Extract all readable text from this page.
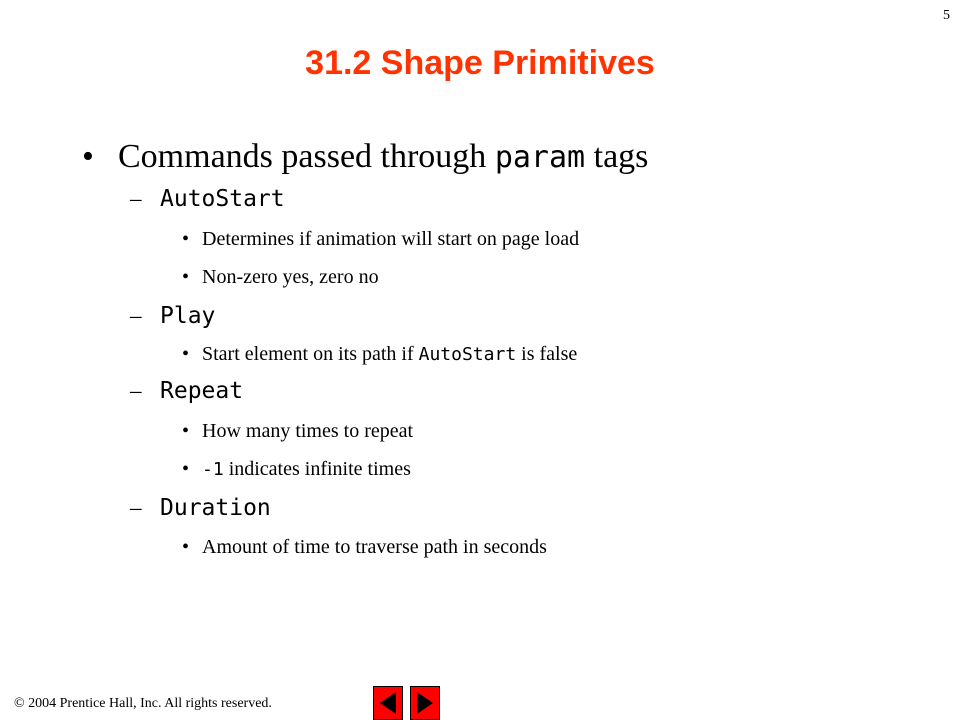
5
31.2 Shape Primitives
• Commands passed through param tags
– AutoStart
• Determines if animation will start on page load
• Non-zero yes, zero no
– Play
• Start element on its path if AutoStart is false
– Repeat
• How many times to repeat
• -1 indicates infinite times
– Duration
• Amount of time to traverse path in seconds
© 2004 Prentice Hall, Inc. All rights reserved.
